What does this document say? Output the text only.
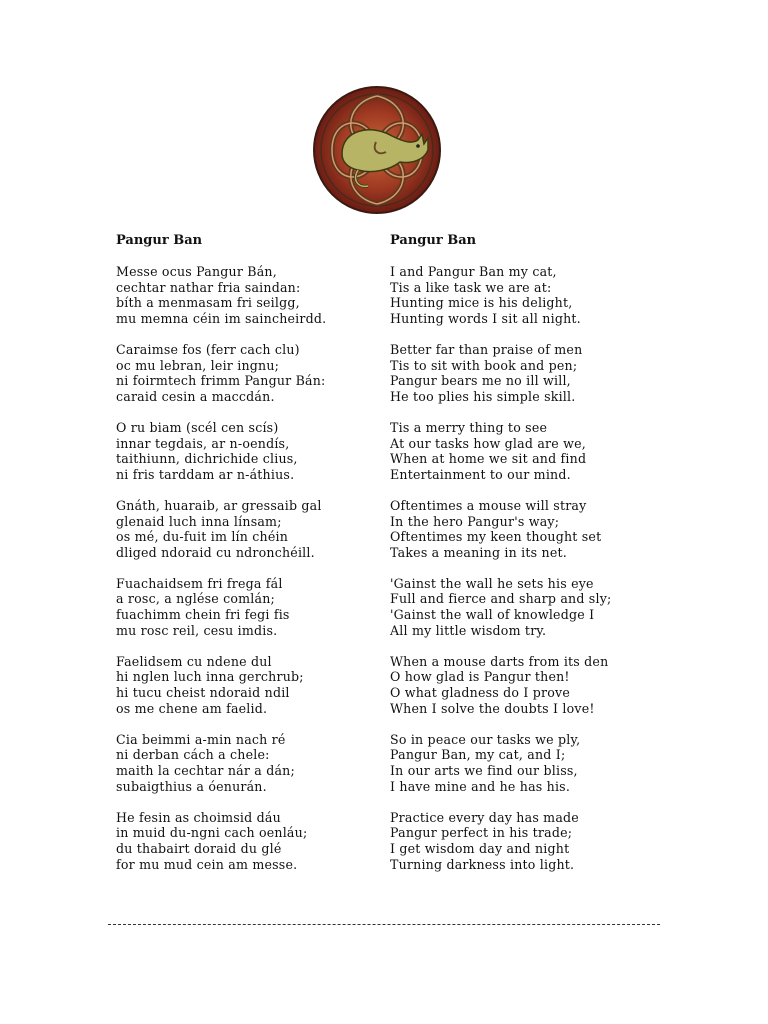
Pangur Ban
Messe ocus Pangur Bán,
cechtar nathar fria saindan:
bíth a menmasam fri seilgg,
mu memna céin im saincheirdd.
Caraimse fos (ferr cach clu)
oc mu lebran, leir ingnu;
ni foirmtech frimm Pangur Bán:
caraid cesin a maccdán.
O ru biam (scél cen scís)
innar tegdais, ar n-oendís,
taithiunn, dichrichide clius,
ni fris tarddam ar n-áthius.
Gnáth, huaraib, ar gressaib gal
glenaid luch inna línsam;
os mé, du-fuit im lín chéin
dliged ndoraid cu ndronchéill.
Fuachaidsem fri frega fál
a rosc, a nglése comlán;
fuachimm chein fri fegi fis
mu rosc reil, cesu imdis.
Faelidsem cu ndene dul
hi nglen luch inna gerchrub;
hi tucu cheist ndoraid ndil
os me chene am faelid.
Cia beimmi a-min nach ré
ni derban cách a chele:
maith la cechtar nár a dán;
subaigthius a óenurán.
He fesin as choimsid dáu
in muid du-ngni cach oenláu;
du thabairt doraid du glé
for mu mud cein am messe.
Pangur Ban
I and Pangur Ban my cat,
Tis a like task we are at:
Hunting mice is his delight,
Hunting words I sit all night.
Better far than praise of men
Tis to sit with book and pen;
Pangur bears me no ill will,
He too plies his simple skill.
Tis a merry thing to see
At our tasks how glad are we,
When at home we sit and find
Entertainment to our mind.
Oftentimes a mouse will stray
In the hero Pangur's way;
Oftentimes my keen thought set
Takes a meaning in its net.
'Gainst the wall he sets his eye
Full and fierce and sharp and sly;
'Gainst the wall of knowledge I
All my little wisdom try.
When a mouse darts from its den
O how glad is Pangur then!
O what gladness do I prove
When I solve the doubts I love!
So in peace our tasks we ply,
Pangur Ban, my cat, and I;
In our arts we find our bliss,
I have mine and he has his.
Practice every day has made
Pangur perfect in his trade;
I get wisdom day and night
Turning darkness into light.
